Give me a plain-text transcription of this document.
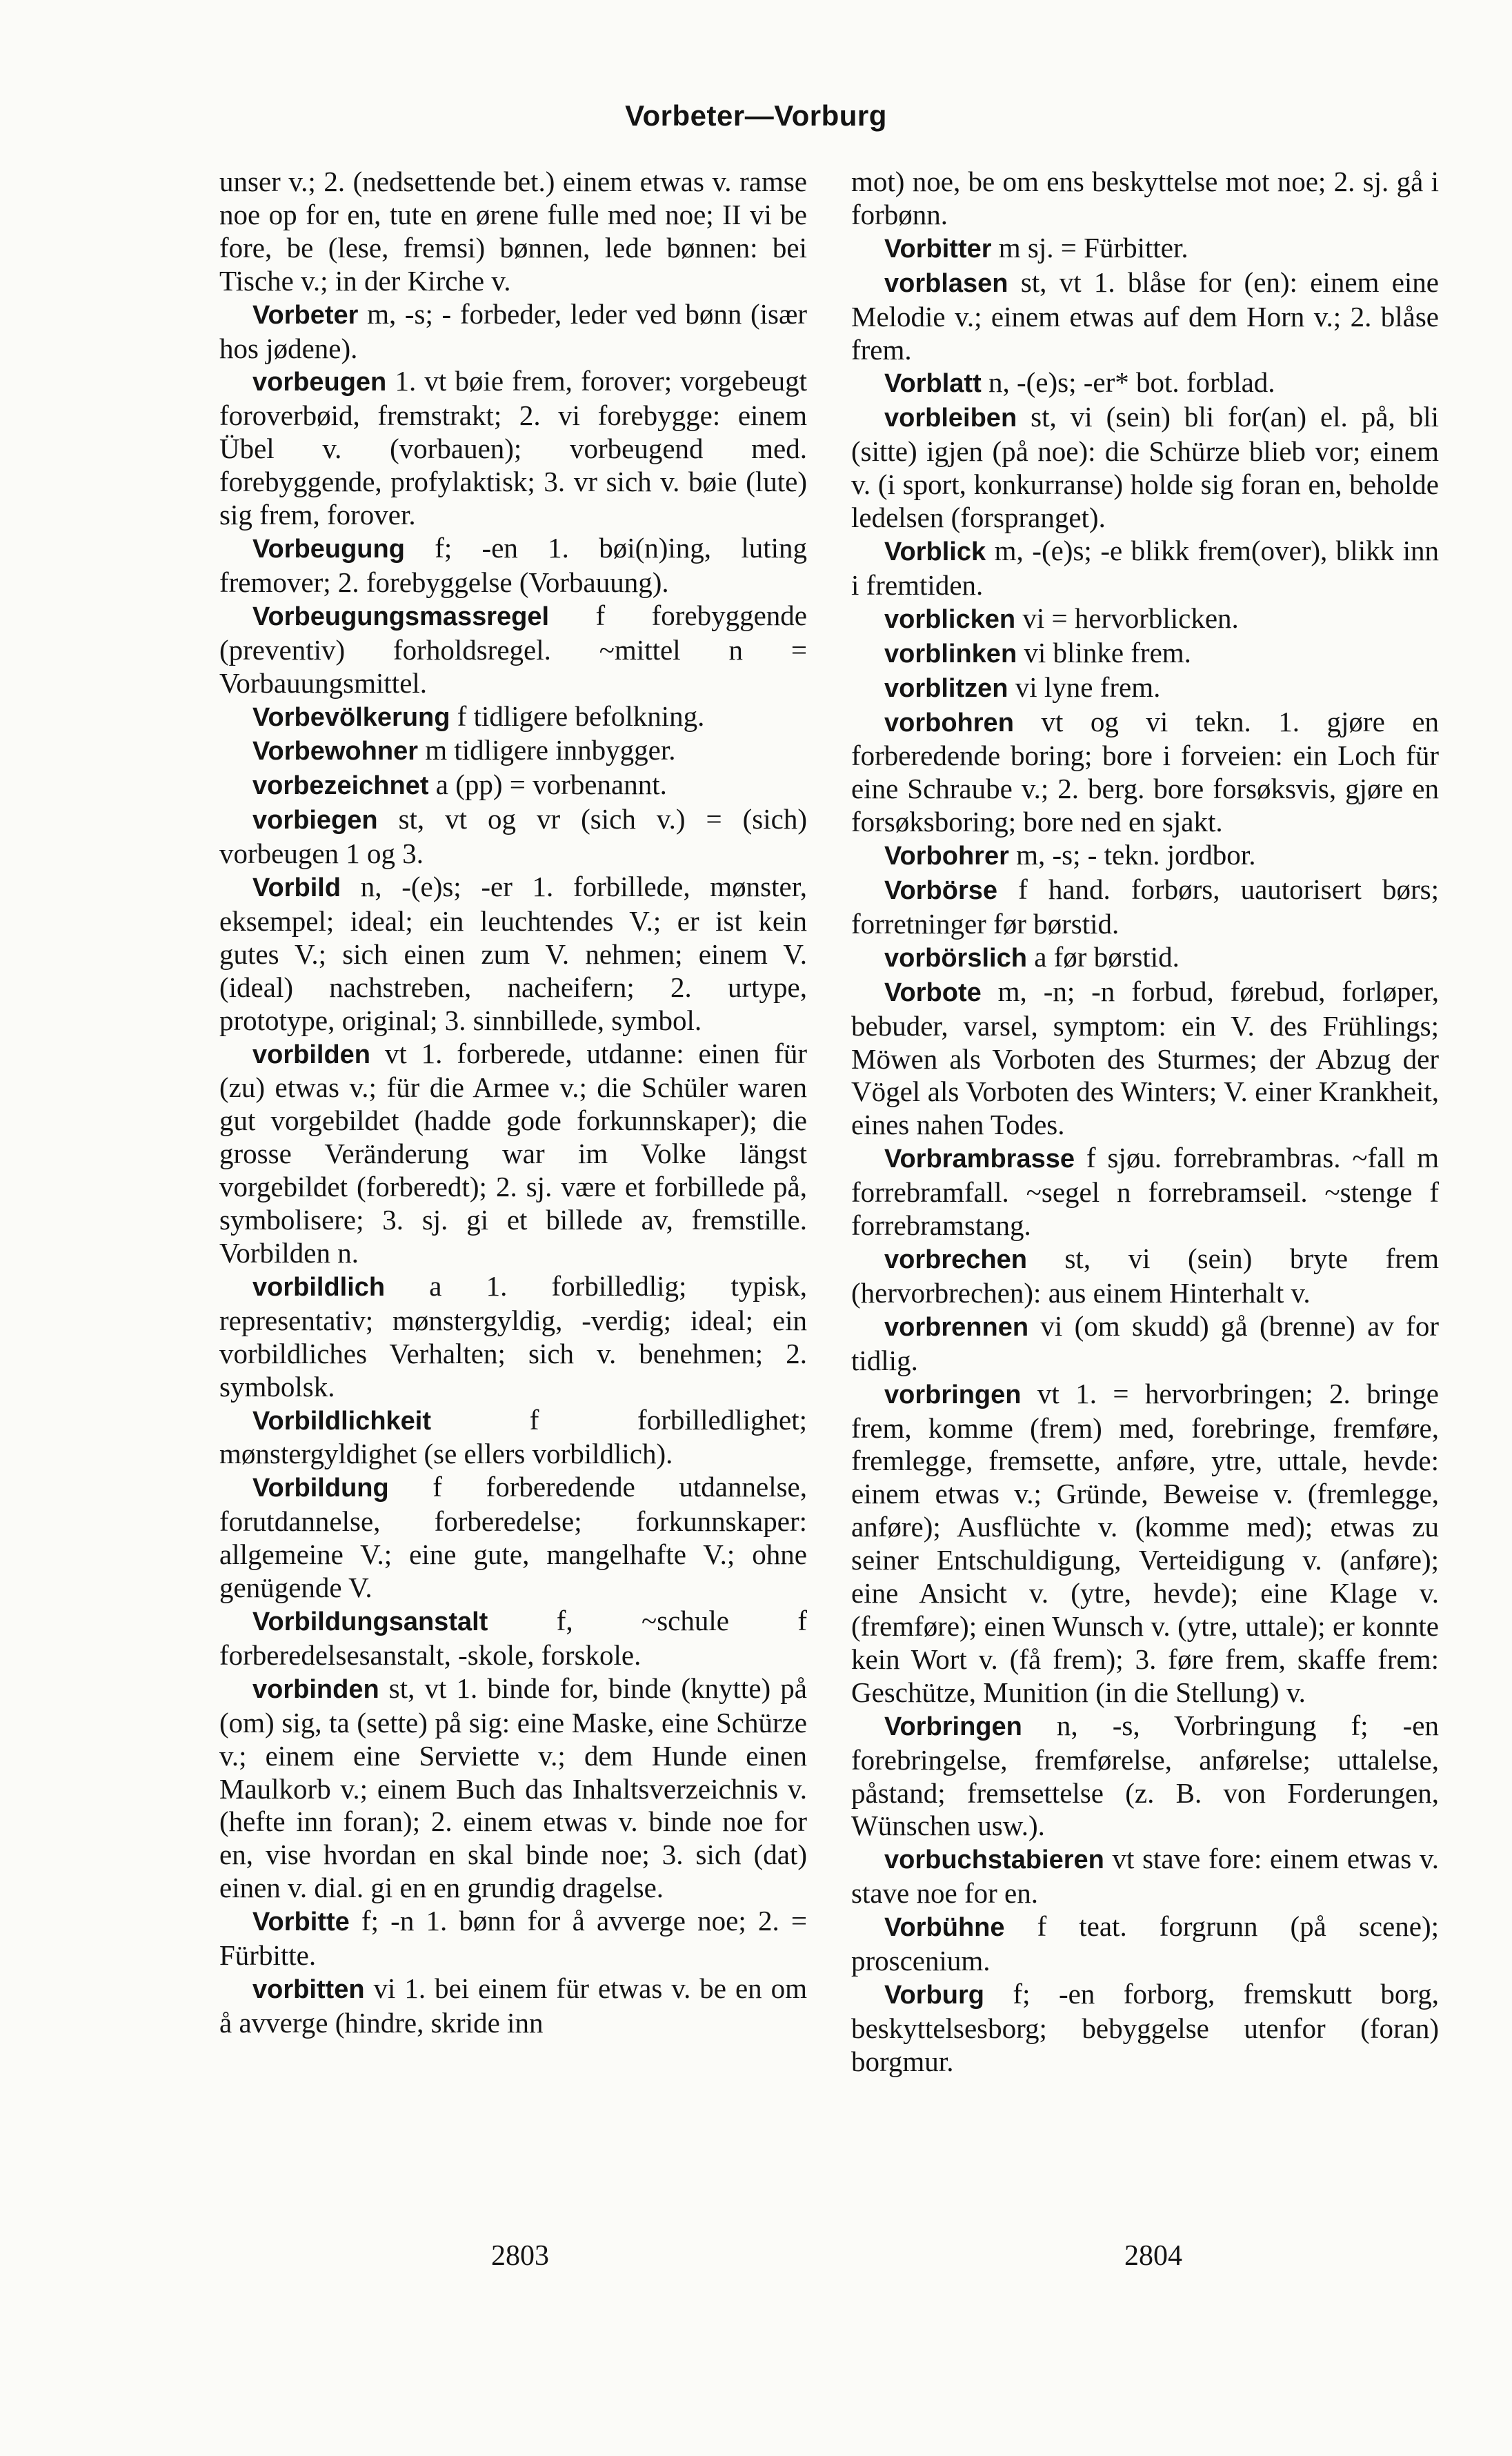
Vorbeter—Vorburg

unser v.; 2. (nedsettende bet.) einem etwas v. ramse noe op for en, tute en ørene fulle med noe; II vi be fore, be (lese, fremsi) bønnen, lede bønnen: bei Tische v.; in der Kirche v.

Vorbeter m, -s; - forbeder, leder ved bønn (især hos jødene).

vorbeugen 1. vt bøie frem, forover; vorgebeugt foroverbøid, fremstrakt; 2. vi forebygge: einem Übel v. (vorbauen); vorbeugend med. forebyggende, profylaktisk; 3. vr sich v. bøie (lute) sig frem, forover.

Vorbeugung f; -en 1. bøi(n)ing, luting fremover; 2. forebyggelse (Vorbauung).

Vorbeugungsmassregel f forebyggende (preventiv) forholdsregel. ~mittel n = Vorbauungsmittel.

Vorbevölkerung f tidligere befolkning.

Vorbewohner m tidligere innbygger.

vorbezeichnet a (pp) = vorbenannt.

vorbiegen st, vt og vr (sich v.) = (sich) vorbeugen 1 og 3.

Vorbild n, -(e)s; -er 1. forbillede, mønster, eksempel; ideal; ein leuchtendes V.; er ist kein gutes V.; sich einen zum V. nehmen; einem V. (ideal) nachstreben, nacheifern; 2. urtype, prototype, original; 3. sinnbillede, symbol.

vorbilden vt 1. forberede, utdanne: einen für (zu) etwas v.; für die Armee v.; die Schüler waren gut vorgebildet (hadde gode forkunnskaper); die grosse Veränderung war im Volke längst vorgebildet (forberedt); 2. sj. være et forbillede på, symbolisere; 3. sj. gi et billede av, fremstille. Vorbilden n.

vorbildlich a 1. forbilledlig; typisk, representativ; mønstergyldig, -verdig; ideal; ein vorbildliches Verhalten; sich v. benehmen; 2. symbolsk.

Vorbildlichkeit f forbilledlighet; mønstergyldighet (se ellers vorbildlich).

Vorbildung f forberedende utdannelse, forutdannelse, forberedelse; forkunnskaper: allgemeine V.; eine gute, mangelhafte V.; ohne genügende V.

Vorbildungsanstalt f, ~schule f forberedelsesanstalt, -skole, forskole.

vorbinden st, vt 1. binde for, binde (knytte) på (om) sig, ta (sette) på sig: eine Maske, eine Schürze v.; einem eine Serviette v.; dem Hunde einen Maulkorb v.; einem Buch das Inhaltsverzeichnis v. (hefte inn foran); 2. einem etwas v. binde noe for en, vise hvordan en skal binde noe; 3. sich (dat) einen v. dial. gi en en grundig dragelse.

Vorbitte f; -n 1. bønn for å avverge noe; 2. = Fürbitte.

vorbitten vi 1. bei einem für etwas v. be en om å avverge (hindre, skride inn

mot) noe, be om ens beskyttelse mot noe; 2. sj. gå i forbønn.

Vorbitter m sj. = Fürbitter.

vorblasen st, vt 1. blåse for (en): einem eine Melodie v.; einem etwas auf dem Horn v.; 2. blåse frem.

Vorblatt n, -(e)s; -er* bot. forblad.

vorbleiben st, vi (sein) bli for(an) el. på, bli (sitte) igjen (på noe): die Schürze blieb vor; einem v. (i sport, konkurranse) holde sig foran en, beholde ledelsen (forspranget).

Vorblick m, -(e)s; -e blikk frem(over), blikk inn i fremtiden.

vorblicken vi = hervorblicken.

vorblinken vi blinke frem.

vorblitzen vi lyne frem.

vorbohren vt og vi tekn. 1. gjøre en forberedende boring; bore i forveien: ein Loch für eine Schraube v.; 2. berg. bore forsøksvis, gjøre en forsøksboring; bore ned en sjakt.

Vorbohrer m, -s; - tekn. jordbor.

Vorbörse f hand. forbørs, uautorisert børs; forretninger før børstid.

vorbörslich a før børstid.

Vorbote m, -n; -n forbud, førebud, forløper, bebuder, varsel, symptom: ein V. des Frühlings; Möwen als Vorboten des Sturmes; der Abzug der Vögel als Vorboten des Winters; V. einer Krankheit, eines nahen Todes.

Vorbrambrasse f sjøu. forrebrambras. ~fall m forrebramfall. ~segel n forrebramseil. ~stenge f forrebramstang.

vorbrechen st, vi (sein) bryte frem (hervorbrechen): aus einem Hinterhalt v.

vorbrennen vi (om skudd) gå (brenne) av for tidlig.

vorbringen vt 1. = hervorbringen; 2. bringe frem, komme (frem) med, forebringe, fremføre, fremlegge, fremsette, anføre, ytre, uttale, hevde: einem etwas v.; Gründe, Beweise v. (fremlegge, anføre); Ausflüchte v. (komme med); etwas zu seiner Entschuldigung, Verteidigung v. (anføre); eine Ansicht v. (ytre, hevde); eine Klage v. (fremføre); einen Wunsch v. (ytre, uttale); er konnte kein Wort v. (få frem); 3. føre frem, skaffe frem: Geschütze, Munition (in die Stellung) v.

Vorbringen n, -s, Vorbringung f; -en forebringelse, fremførelse, anførelse; uttalelse, påstand; fremsettelse (z. B. von Forderungen, Wünschen usw.).

vorbuchstabieren vt stave fore: einem etwas v. stave noe for en.

Vorbühne f teat. forgrunn (på scene); proscenium.

Vorburg f; -en forborg, fremskutt borg, beskyttelsesborg; bebyggelse utenfor (foran) borgmur.

2803	2804
